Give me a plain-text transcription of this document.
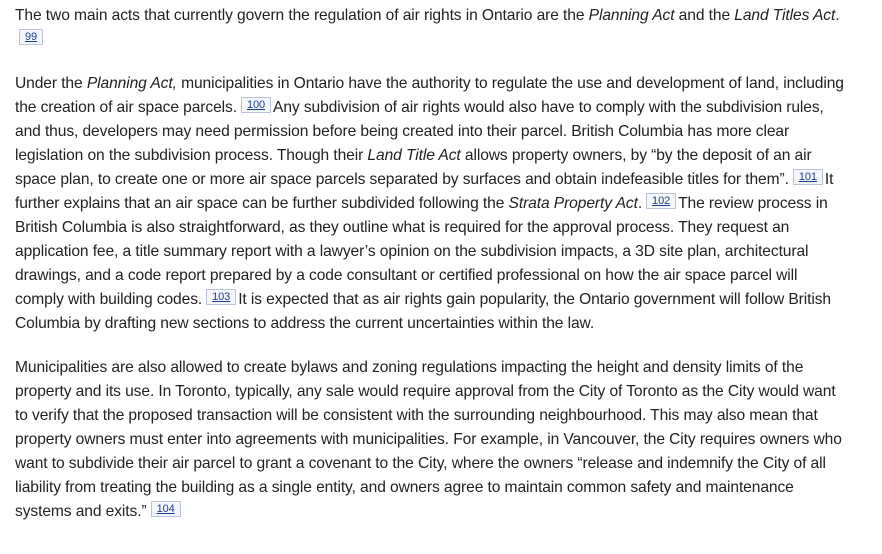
The two main acts that currently govern the regulation of air rights in Ontario are the Planning Act and the Land Titles Act.99

Under the Planning Act, municipalities in Ontario have the authority to regulate the use and development of land, including the creation of air space parcels. 100 Any subdivision of air rights would also have to comply with the subdivision rules, and thus, developers may need permission before being created into their parcel. British Columbia has more clear legislation on the subdivision process. Though their Land Title Act allows property owners, by “by the deposit of an air space plan, to create one or more air space parcels separated by surfaces and obtain indefeasible titles for them”. 101 It further explains that an air space can be further subdivided following the Strata Property Act. 102 The review process in British Columbia is also straightforward, as they outline what is required for the approval process. They request an application fee, a title summary report with a lawyer’s opinion on the subdivision impacts, a 3D site plan, architectural drawings, and a code report prepared by a code consultant or certified professional on how the air space parcel will comply with building codes. 103 It is expected that as air rights gain popularity, the Ontario government will follow British Columbia by drafting new sections to address the current uncertainties within the law.

Municipalities are also allowed to create bylaws and zoning regulations impacting the height and density limits of the property and its use. In Toronto, typically, any sale would require approval from the City of Toronto as the City would want to verify that the proposed transaction will be consistent with the surrounding neighbourhood. This may also mean that property owners must enter into agreements with municipalities. For example, in Vancouver, the City requires owners who want to subdivide their air parcel to grant a covenant to the City, where the owners “release and indemnify the City of all liability from treating the building as a single entity, and owners agree to maintain common safety and maintenance systems and exits.” 104
